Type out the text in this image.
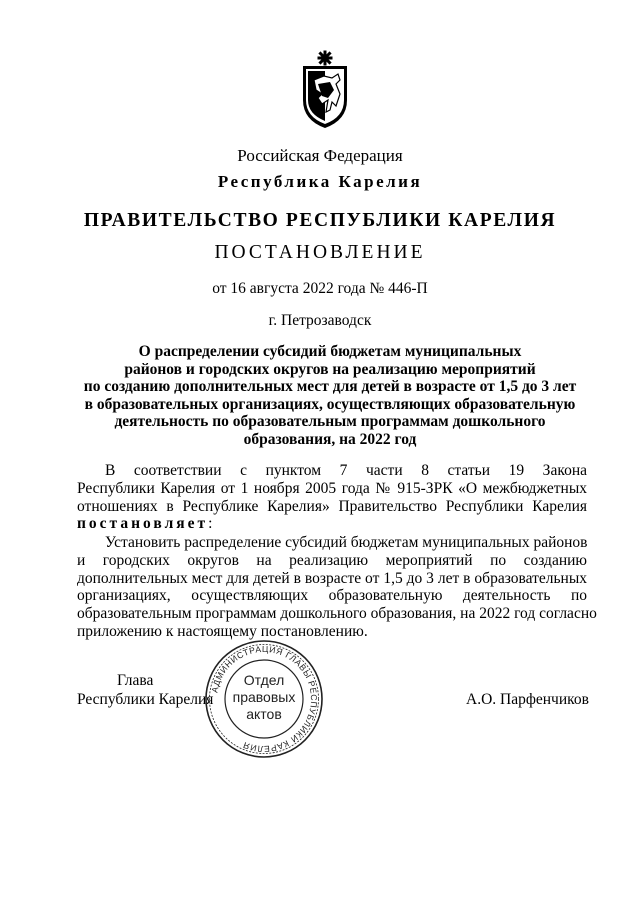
Российская Федерация
Республика Карелия
ПРАВИТЕЛЬСТВО РЕСПУБЛИКИ КАРЕЛИЯ
ПОСТАНОВЛЕНИЕ
от 16 августа 2022 года № 446-П
г. Петрозаводск
О распределении субсидий бюджетам муниципальных
районов и городских округов на реализацию мероприятий
по созданию дополнительных мест для детей в возрасте от 1,5 до 3 лет
в образовательных организациях, осуществляющих образовательную
деятельность по образовательным программам дошкольного
образования, на 2022 год
В соответствии с пунктом 7 части 8 статьи 19 Закона
Республики Карелия от 1 ноября 2005 года № 915-ЗРК «О межбюджетных
отношениях в Республике Карелия» Правительство Республики Карелия
постановляет:
Установить распределение субсидий бюджетам муниципальных районов
и городских округов на реализацию мероприятий по созданию
дополнительных мест для детей в возрасте от 1,5 до 3 лет в образовательных
организациях, осуществляющих образовательную деятельность по
образовательным программам дошкольного образования, на 2022 год согласно
приложению к настоящему постановлению.
Глава
Республики Карелия	А.О. Парфенчиков
АДМИНИСТРАЦИЯ ГЛАВЫ РЕСПУБЛИКИ КАРЕЛИЯ
Отдел
правовых
актов
